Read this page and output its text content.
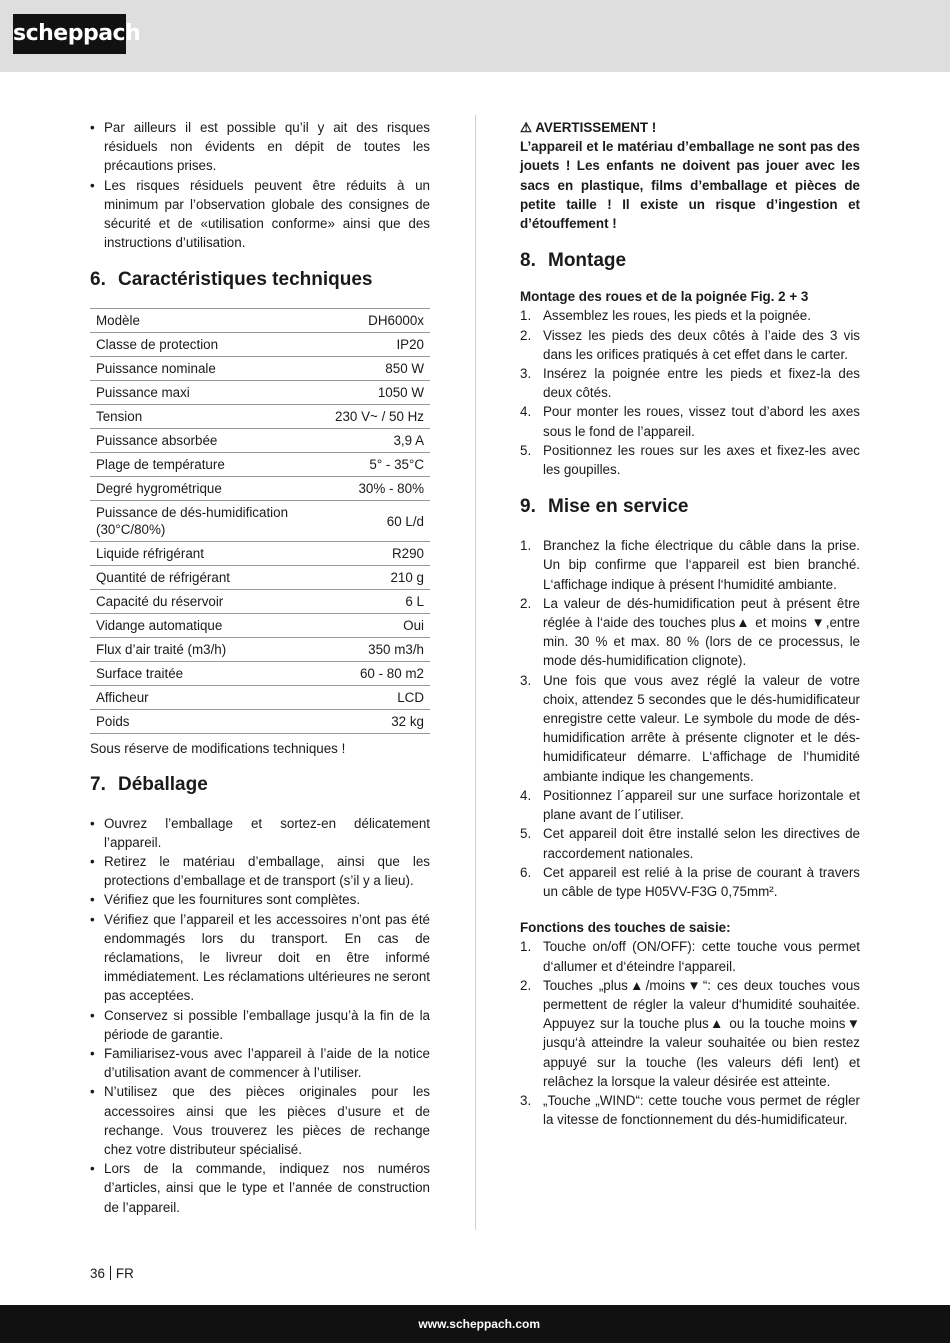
scheppach
• Par ailleurs il est possible qu’il y ait des risques résiduels non évidents en dépit de toutes les précautions prises.
• Les risques résiduels peuvent être réduits à un minimum par l’observation globale des consignes de sécurité et de «utilisation conforme» ainsi que des instructions d’utilisation.
6. Caractéristiques techniques
Modèle	DH6000x
Classe de protection	IP20
Puissance nominale	850 W
Puissance maxi	1050 W
Tension	230 V~ / 50 Hz
Puissance absorbée	3,9 A
Plage de température	5° - 35°C
Degré hygrométrique	30% - 80%
Puissance de dés-humidification (30°C/80%)	60 L/d
Liquide réfrigérant	R290
Quantité de réfrigérant	210 g
Capacité du réservoir	6 L
Vidange automatique	Oui
Flux d’air traité (m3/h)	350 m3/h
Surface traitée	60 - 80 m2
Afficheur	LCD
Poids	32 kg

Sous réserve de modifications techniques !

7. Déballage
• Ouvrez l’emballage et sortez-en délicatement l’appareil.
• Retirez le matériau d’emballage, ainsi que les protections d’emballage et de transport (s’il y a lieu).
• Vérifiez que les fournitures sont complètes.
• Vérifiez que l’appareil et les accessoires n’ont pas été endommagés lors du transport. En cas de réclamations, le livreur doit en être informé immédiatement. Les réclamations ultérieures ne seront pas acceptées.
• Conservez si possible l’emballage jusqu’à la fin de la période de garantie.
• Familiarisez-vous avec l’appareil à l’aide de la notice d’utilisation avant de commencer à l’utiliser.
• N’utilisez que des pièces originales pour les accessoires ainsi que les pièces d’usure et de rechange. Vous trouverez les pièces de rechange chez votre distributeur spécialisé.
• Lors de la commande, indiquez nos numéros d’articles, ainsi que le type et l’année de construction de l’appareil.

⚠ AVERTISSEMENT !

L’appareil et le matériau d’emballage ne sont pas des jouets ! Les enfants ne doivent pas jouer avec les sacs en plastique, films d’emballage et pièces de petite taille ! Il existe un risque d’ingestion et d’étouffement !

8. Montage

Montage des roues et de la poignée Fig. 2 + 3

1. Assemblez les roues, les pieds et la poignée.
2. Vissez les pieds des deux côtés à l’aide des 3 vis dans les orifices pratiqués à cet effet dans le carter.
3. Insérez la poignée entre les pieds et fixez-la des deux côtés.
4. Pour monter les roues, vissez tout d’abord les axes sous le fond de l’appareil.
5. Positionnez les roues sur les axes et fixez-les avec les goupilles.
9. Mise en service
1. Branchez la fiche électrique du câble dans la prise. Un bip confirme que l‘appareil est bien branché. L‘affichage indique à présent l‘humidité ambiante.
2. La valeur de dés-humidification peut à présent être réglée à l‘aide des touches plus▲ et moins ▼,entre min. 30 % et max. 80 % (lors de ce processus, le mode dés-humidification clignote).
3. Une fois que vous avez réglé la valeur de votre choix, attendez 5 secondes que le dés-humidificateur enregistre cette valeur. Le symbole du mode de dés-humidification arrête à présente clignoter et le dés-humidificateur démarre. L‘affichage de l‘humidité ambiante indique les changements.
4. Positionnez l´appareil sur une surface horizontale et plane avant de l´utiliser.
5. Cet appareil doit être installé selon les directives de raccordement nationales.
6. Cet appareil est relié à la prise de courant à travers un câble de type H05VV-F3G 0,75mm².

Fonctions des touches de saisie:

1. Touche on/off (ON/OFF): cette touche vous permet d‘allumer et d‘éteindre l‘appareil.
2. Touches „plus▲/moins▼“: ces deux touches vous permettent de régler la valeur d‘humidité souhaitée. Appuyez sur la touche plus▲ ou la touche moins▼ jusqu‘à atteindre la valeur souhaitée ou bien restez appuyé sur la touche (les valeurs défi lent) et relâchez la lorsque la valeur désirée est atteinte.
3. „Touche „WIND“: cette touche vous permet de régler la vitesse de fonctionnement du dés-humidificateur.
36 FR
www.scheppach.com
